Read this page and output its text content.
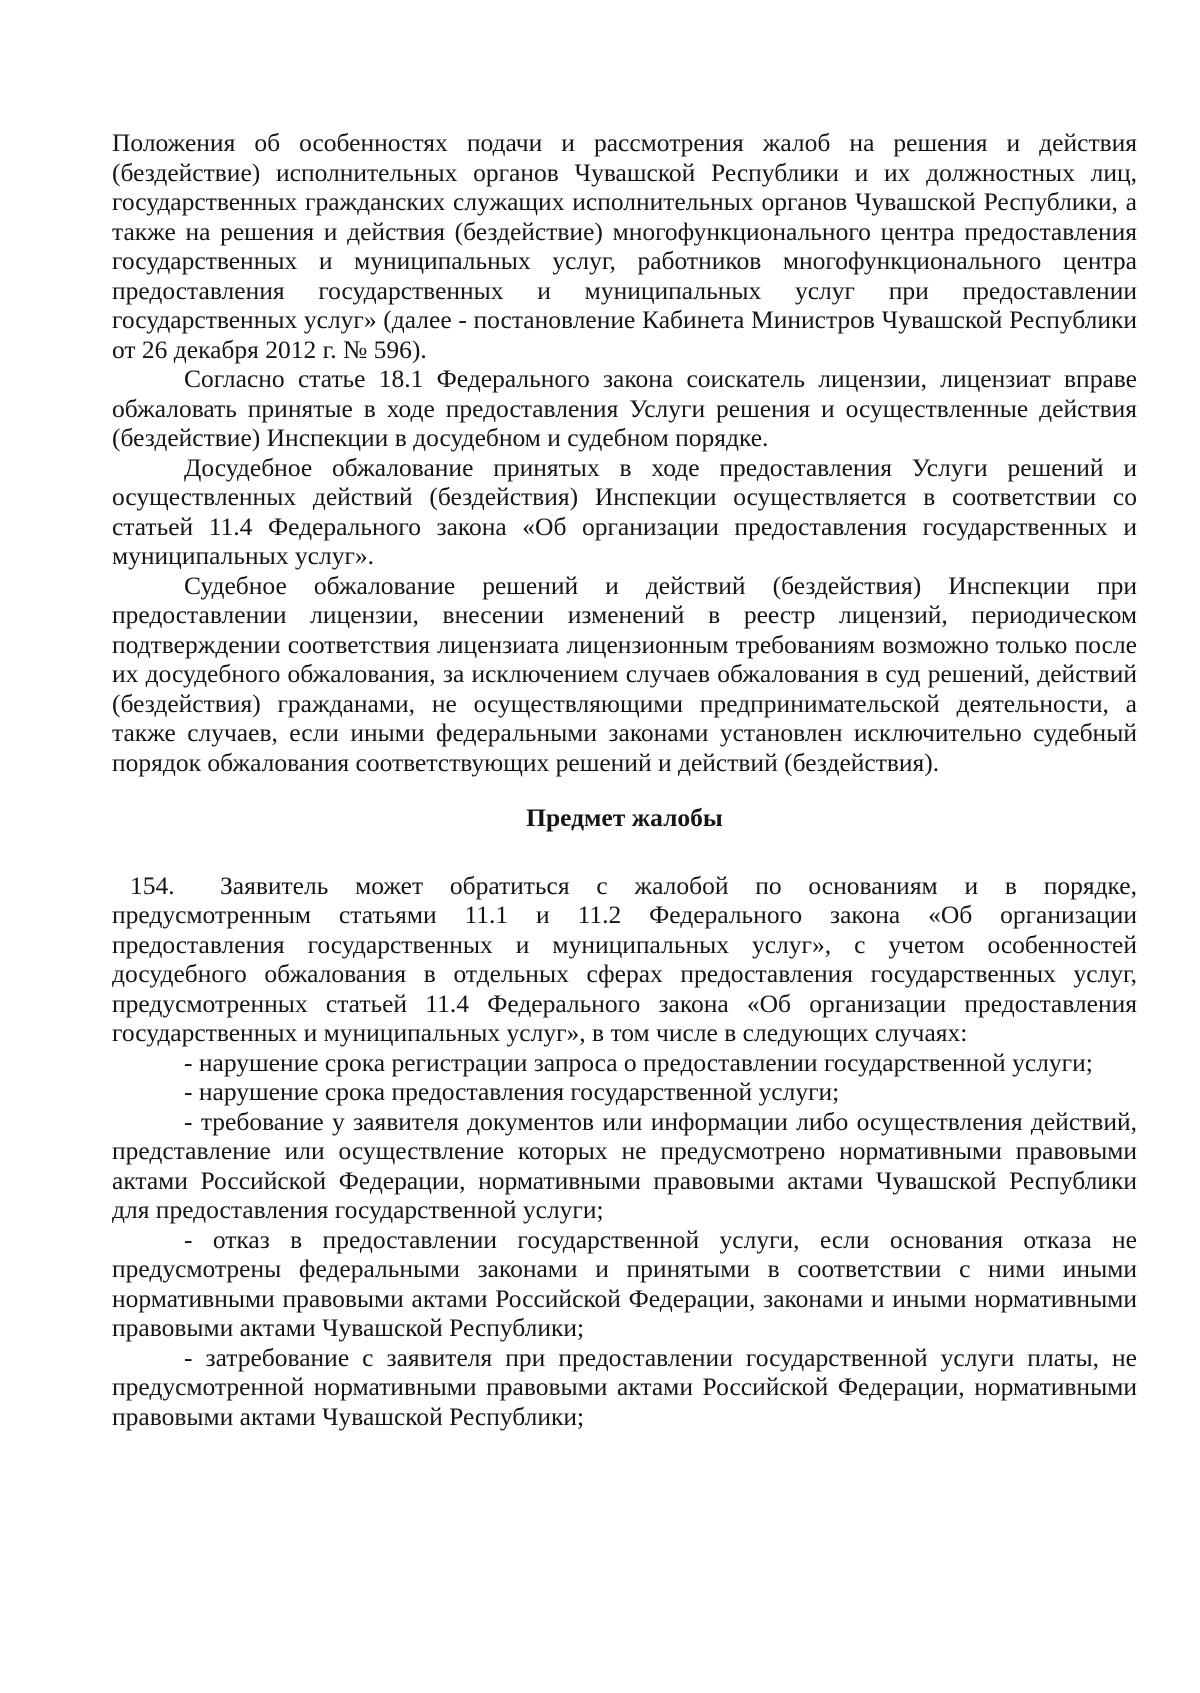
Положения об особенностях подачи и рассмотрения жалоб на решения и действия (бездействие) исполнительных органов Чувашской Республики и их должностных лиц, государственных гражданских служащих исполнительных органов Чувашской Республики, а также на решения и действия (бездействие) многофункционального центра предоставления государственных и муниципальных услуг, работников многофункционального центра предоставления государственных и муниципальных услуг при предоставлении государственных услуг» (далее - постановление Кабинета Министров Чувашской Республики от 26 декабря 2012 г. № 596).

Согласно статье 18.1 Федерального закона соискатель лицензии, лицензиат вправе обжаловать принятые в ходе предоставления Услуги решения и осуществленные действия (бездействие) Инспекции в досудебном и судебном порядке.

Досудебное обжалование принятых в ходе предоставления Услуги решений и осуществленных действий (бездействия) Инспекции осуществляется в соответствии со статьей 11.4 Федерального закона «Об организации предоставления государственных и муниципальных услуг».

Судебное обжалование решений и действий (бездействия) Инспекции при предоставлении лицензии, внесении изменений в реестр лицензий, периодическом подтверждении соответствия лицензиата лицензионным требованиям возможно только после их досудебного обжалования, за исключением случаев обжалования в суд решений, действий (бездействия) гражданами, не осуществляющими предпринимательской деятельности, а также случаев, если иными федеральными законами установлен исключительно судебный порядок обжалования соответствующих решений и действий (бездействия).

Предмет жалобы

154. Заявитель может обратиться с жалобой по основаниям и в порядке, предусмотренным статьями 11.1 и 11.2 Федерального закона «Об организации предоставления государственных и муниципальных услуг», с учетом особенностей досудебного обжалования в отдельных сферах предоставления государственных услуг, предусмотренных статьей 11.4 Федерального закона «Об организации предоставления государственных и муниципальных услуг», в том числе в следующих случаях:

- нарушение срока регистрации запроса о предоставлении государственной услуги;

- нарушение срока предоставления государственной услуги;

- требование у заявителя документов или информации либо осуществления действий, представление или осуществление которых не предусмотрено нормативными правовыми актами Российской Федерации, нормативными правовыми актами Чувашской Республики для предоставления государственной услуги;

- отказ в предоставлении государственной услуги, если основания отказа не предусмотрены федеральными законами и принятыми в соответствии с ними иными нормативными правовыми актами Российской Федерации, законами и иными нормативными правовыми актами Чувашской Республики;

- затребование с заявителя при предоставлении государственной услуги платы, не предусмотренной нормативными правовыми актами Российской Федерации, нормативными правовыми актами Чувашской Республики;
